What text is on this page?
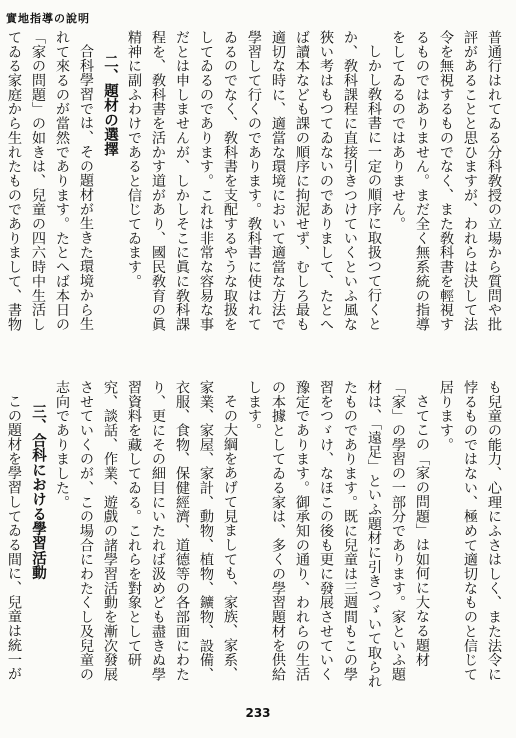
實地指導の說明

普通行はれてゐる分科敎授の立場から質問や批評があることと思ひますが、われらは決して法令を無視するものでなく、また敎科書を輕視するものではありません。まだ全く無系統の指導をしてゐるのではありません。

しかし敎科書に一定の順序に取扱つて行くとか、敎科課程に直接引きつけていくといふ風な狹い考はもつてゐないのでありまして、たとへば讀本なども課の順序に拘泥せず、むしろ最も適切な時に、適當な環境において適當な方法で學習して行くのであります。敎科書に使はれてゐるのでなく、敎科書を支配するやうな取扱をしてゐるのであります。これは非常な容易な事だとは申しませんが、しかしそこに眞に敎科課程を、敎科書を活かす道があり、國民敎育の眞精神に副ふわけであると信じてゐます。

二、題材の選擇

合科學習では、その題材が生きた環境から生れて來るのが當然であります。たとへば本日の「家の問題」の如きは、兒童の四六時中生活してゐる家庭から生れたものでありまして、書物

も兒童の能力、心理にふさはしく、また法令に悖るものではない、極めて適切なものと信じて居ります。

さてこの「家の問題」は如何に大なる題材「家」の學習の一部分であります。家といふ題材は、「遠足」といふ題材に引きつゞいて取られたものであります。既に兒童は三週間もこの學習をつゞけ、なほこの後も更に發展させていく豫定であります。御承知の通り、われらの生活の本據としてゐる家は、多くの學習題材を供給します。

その大綱をあげて見ましても、家族、家系、家業、家屋、家計、動物、植物、鑛物、設備、衣服、食物、保健經濟、道德等の各部面にわたり、更にその細目にいたれば汲めども盡きぬ學習資料を藏してゐる。これらを對象として研究、談話、作業、遊戲の諸學習活動を漸次發展させていくのが、この場合にわたくし及兒童の志向でありました。

三、合科における學習活動

この題材を學習してゐる間に、兒童は統一が

233
